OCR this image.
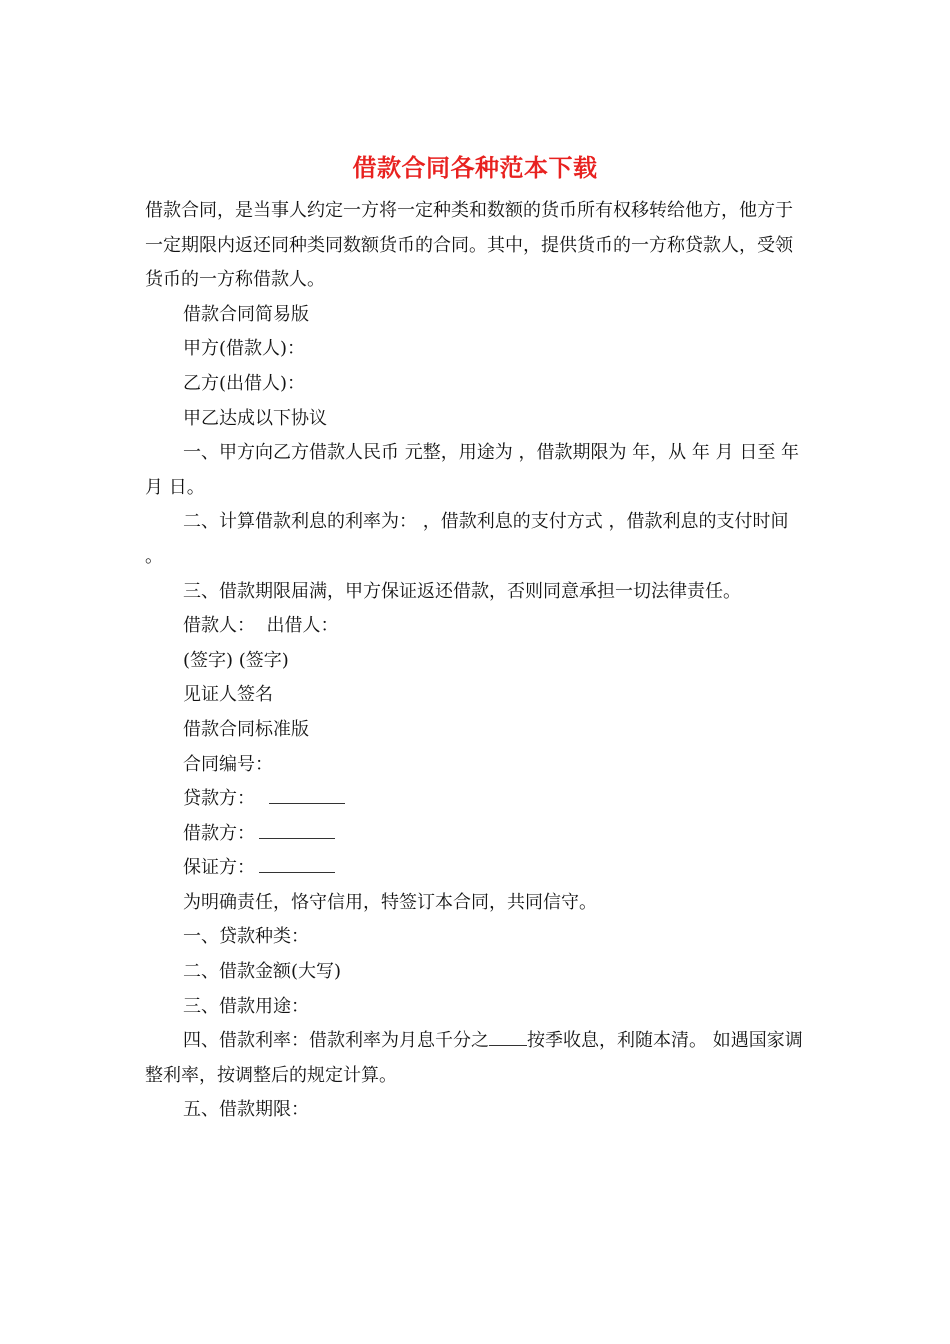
借款合同各种范本下载

借款合同，是当事人约定一方将一定种类和数额的货币所有权移转给他方，他方于一定期限内返还同种类同数额货币的合同。其中，提供货币的一方称贷款人，受领货币的一方称借款人。

借款合同简易版

甲方(借款人)：

乙方(出借人)：

甲乙达成以下协议

一、甲方向乙方借款人民币 元整，用途为 ，借款期限为 年，从 年 月 日至 年 月 日。

二、计算借款利息的利率为： ，借款利息的支付方式 ，借款利息的支付时间 。

三、借款期限届满，甲方保证返还借款，否则同意承担一切法律责任。

借款人：  出借人：

(签字) (签字)

见证人签名

借款合同标准版

合同编号：

贷款方：

借款方：

保证方：

为明确责任，恪守信用，特签订本合同，共同信守。

一、贷款种类：

二、借款金额(大写)

三、借款用途：

四、借款利率：借款利率为月息千分之 按季收息，利随本清。 如遇国家调整利率，按调整后的规定计算。

五、借款期限：
